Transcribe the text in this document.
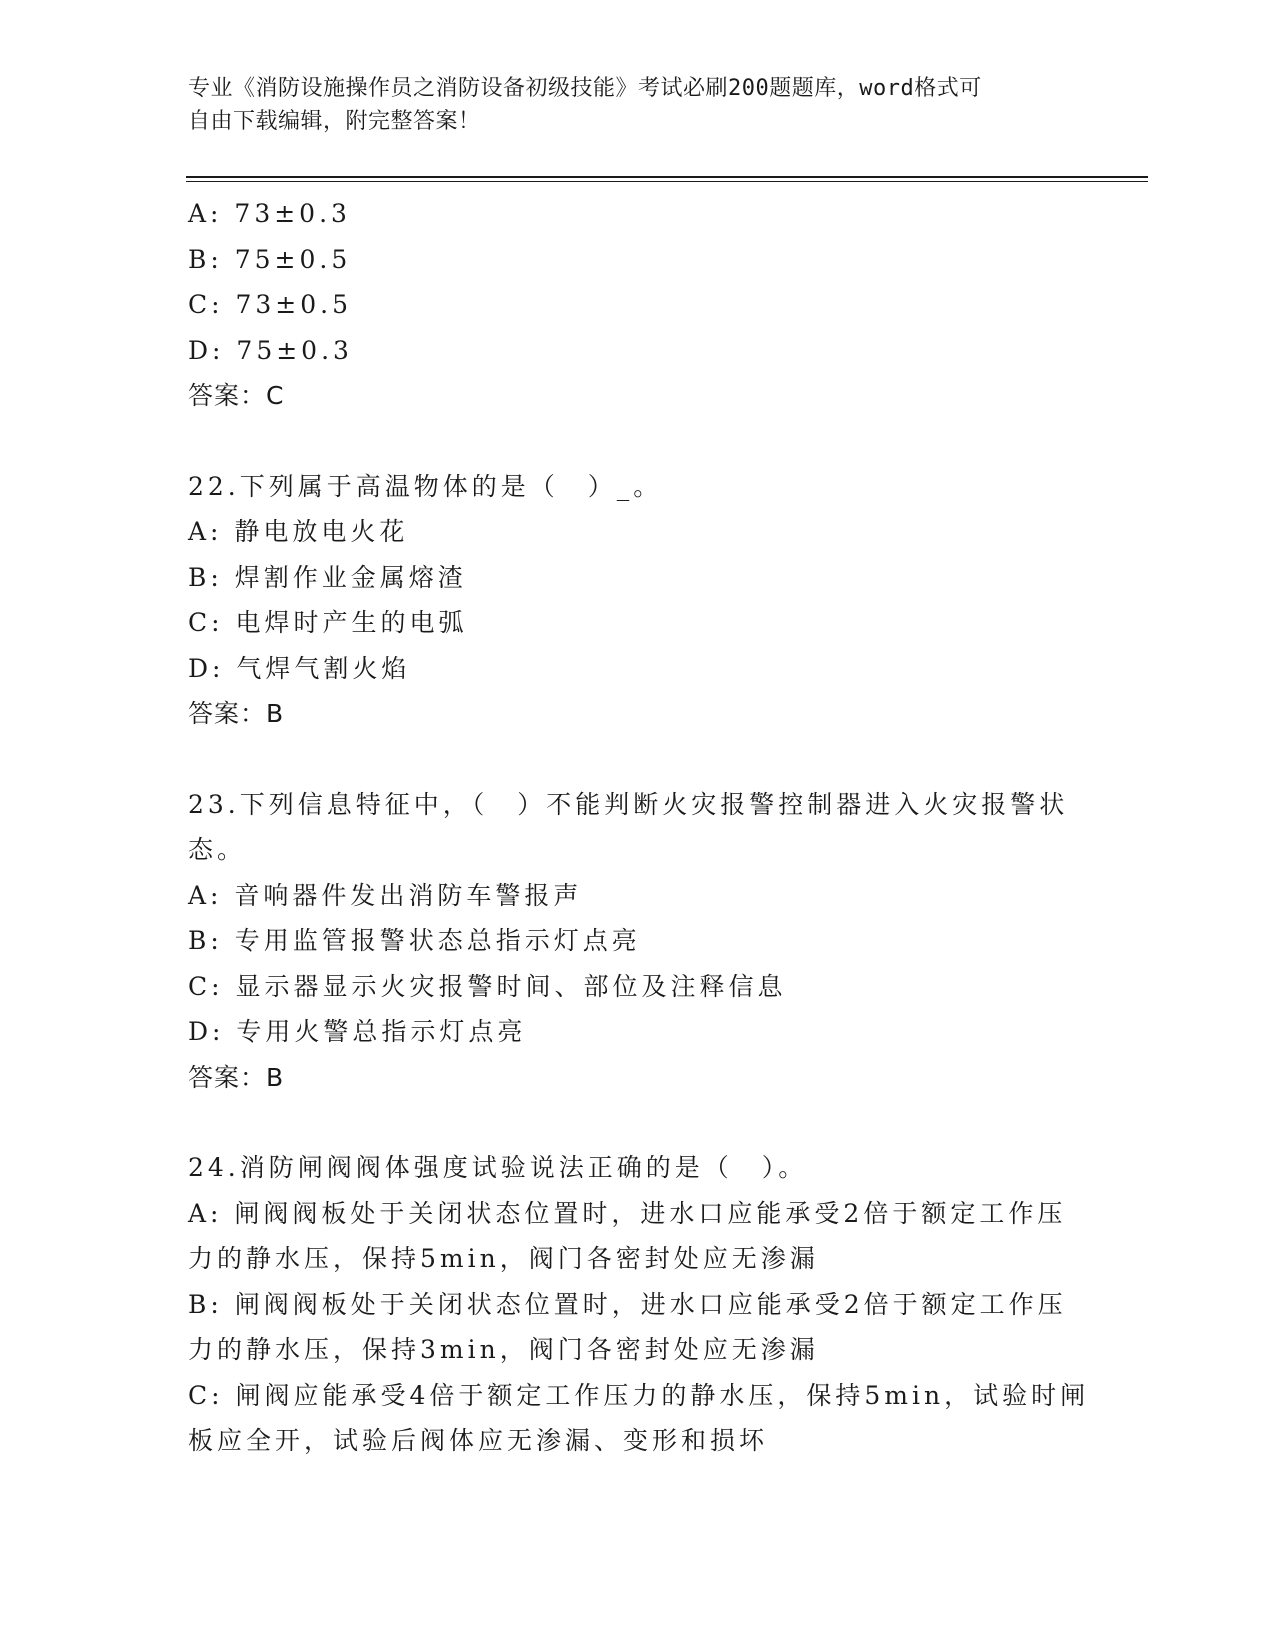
专业《消防设施操作员之消防设备初级技能》考试必刷200题题库，word格式可
自由下载编辑，附完整答案！
A: 73±0.3
B: 75±0.5
C: 73±0.5
D: 75±0.3
答案：C
22.下列属于高温物体的是（　）_。
A: 静电放电火花
B: 焊割作业金属熔渣
C: 电焊时产生的电弧
D: 气焊气割火焰
答案：B
23.下列信息特征中，（　）不能判断火灾报警控制器进入火灾报警状
态。
A: 音响器件发出消防车警报声
B: 专用监管报警状态总指示灯点亮
C: 显示器显示火灾报警时间、部位及注释信息
D: 专用火警总指示灯点亮
答案：B
24.消防闸阀阀体强度试验说法正确的是（　）。
A: 闸阀阀板处于关闭状态位置时，进水口应能承受2倍于额定工作压
力的静水压，保持5min，阀门各密封处应无渗漏
B: 闸阀阀板处于关闭状态位置时，进水口应能承受2倍于额定工作压
力的静水压，保持3min，阀门各密封处应无渗漏
C: 闸阀应能承受4倍于额定工作压力的静水压，保持5min，试验时闸
板应全开，试验后阀体应无渗漏、变形和损坏
